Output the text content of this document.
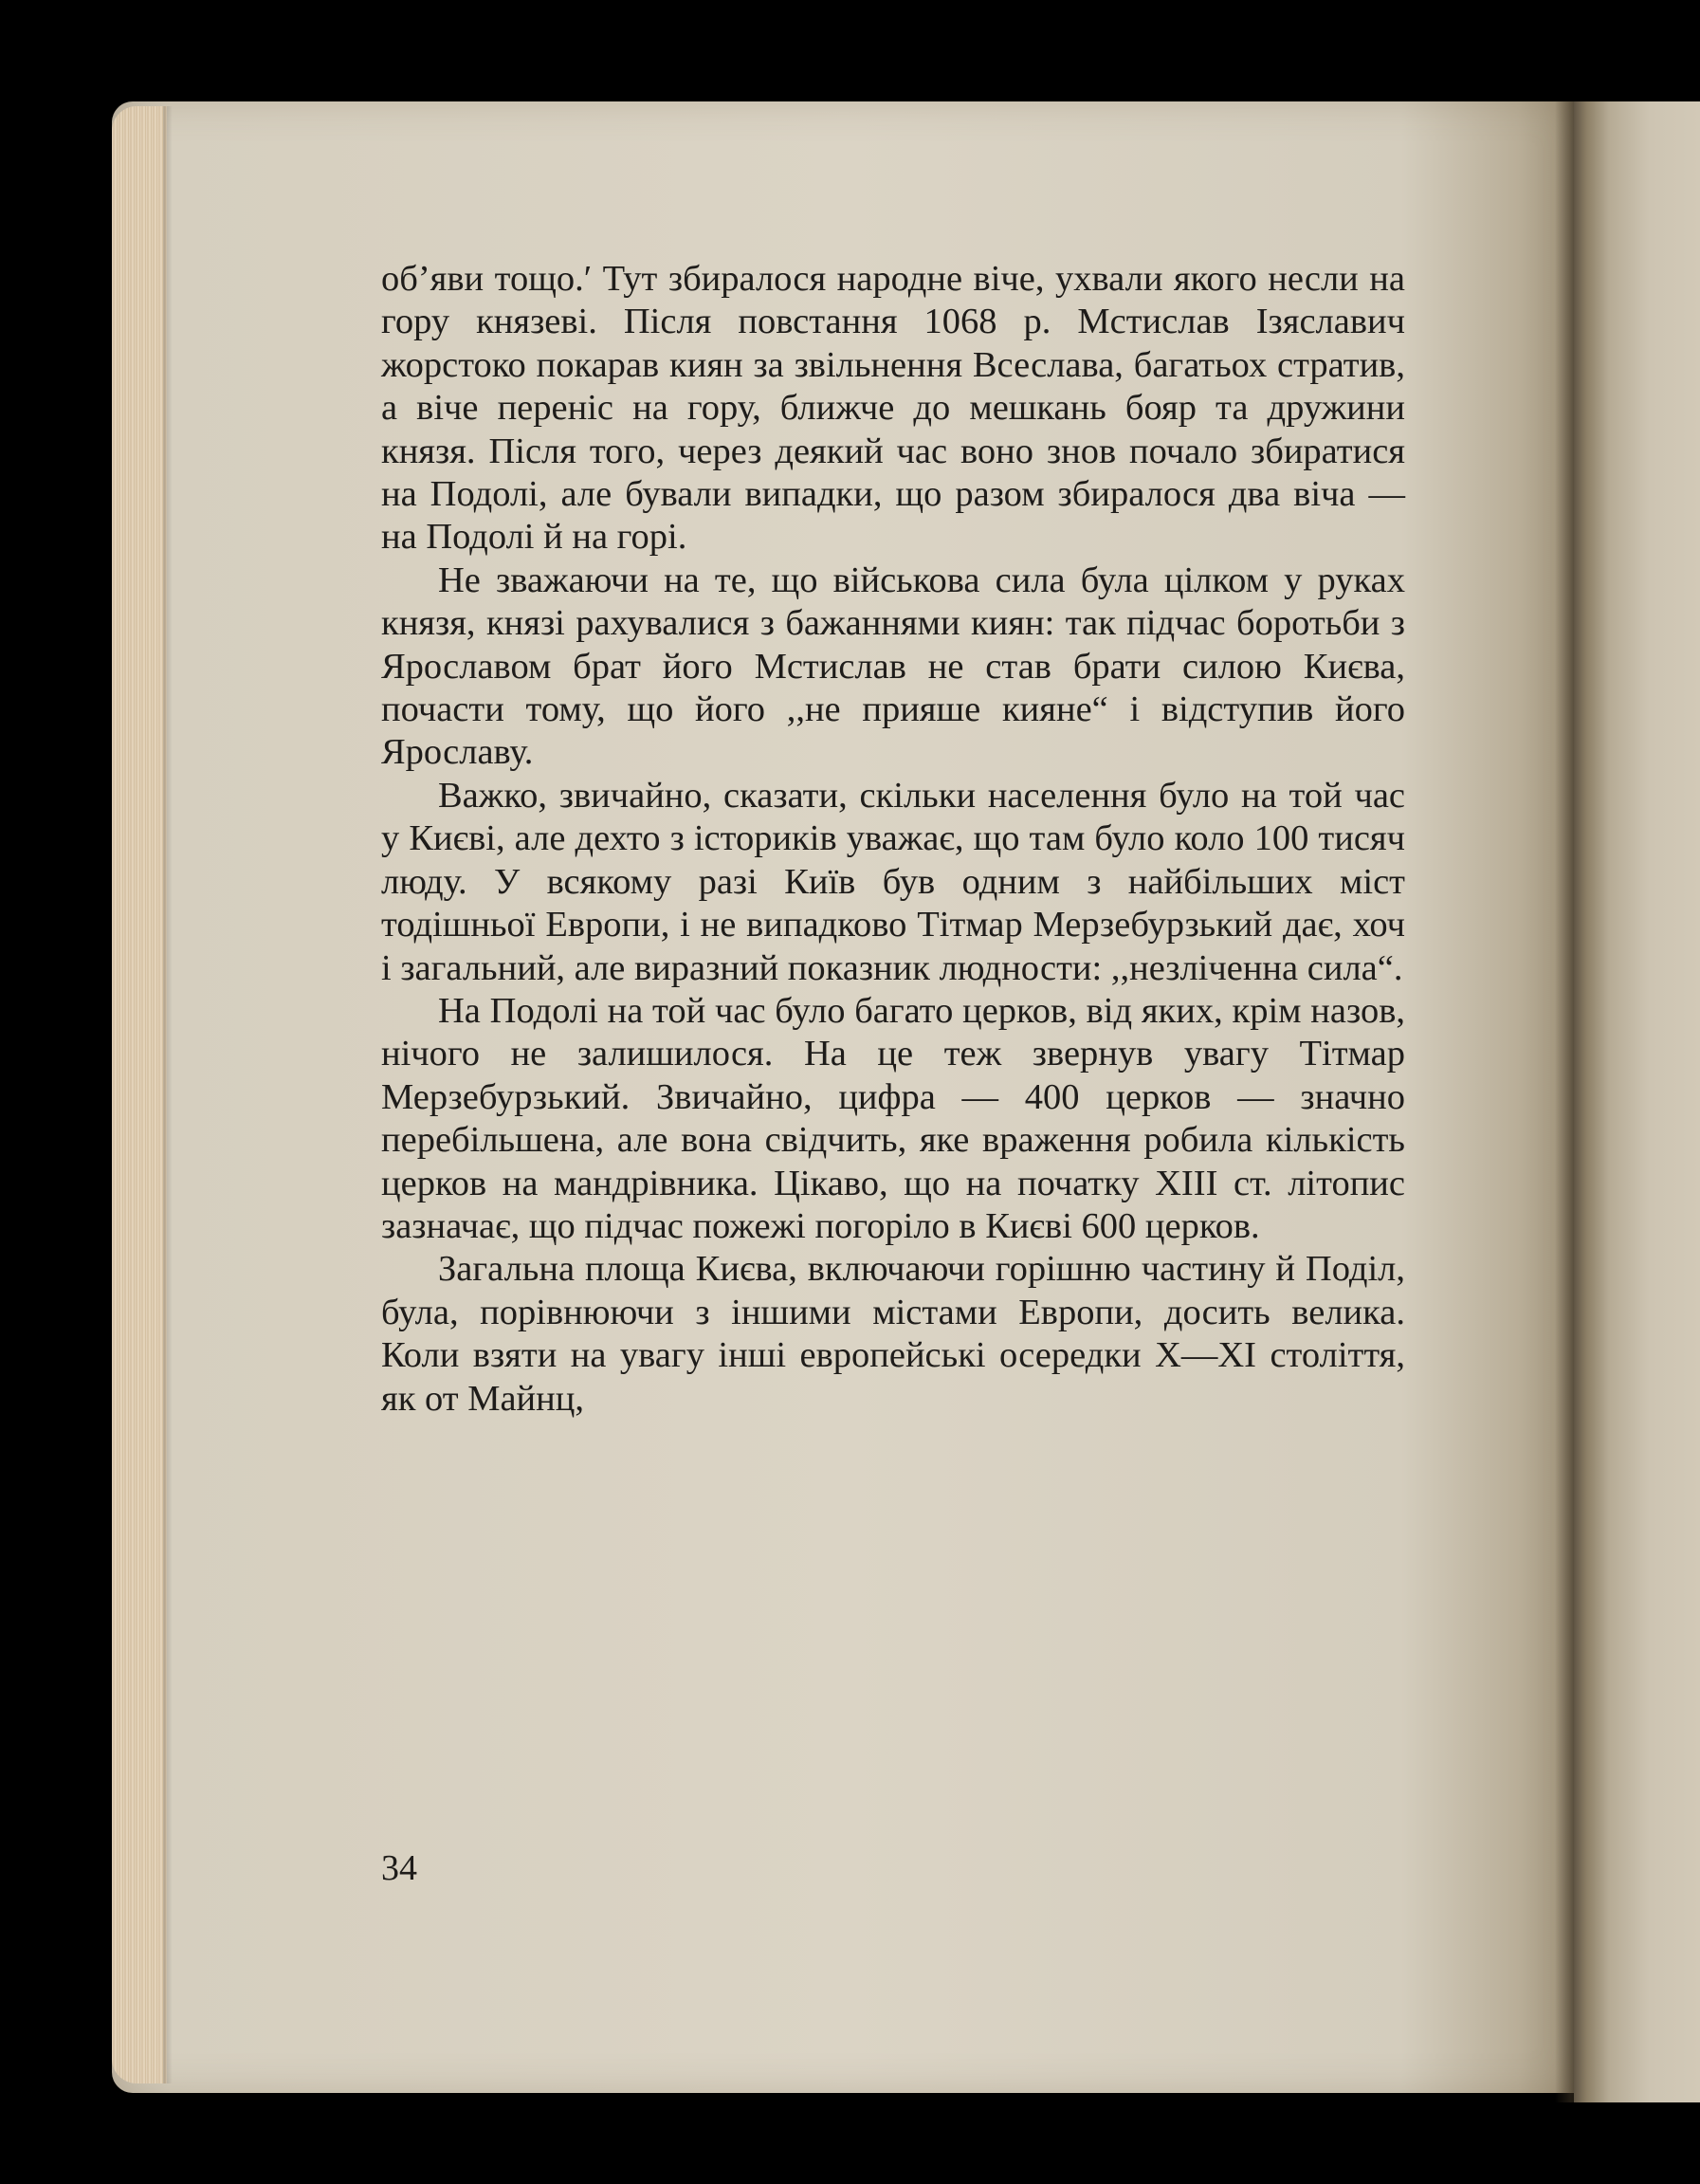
об’яви тощо.ʹ Тут збиралося народне віче, ухвали якого несли на гору князеві. Після повстання 1068 р. Мстислав Ізяславич жорстоко покарав киян за звільнення Всеслава, багатьох стратив, а віче переніс на гору, ближче до мешкань бояр та дружини князя. Після того, через деякий час воно знов почало збиратися на Подолі, але бували випадки, що разом збиралося два віча — на Подолі й на горі.

Не зважаючи на те, що військова сила була цілком у руках князя, князі рахувалися з бажаннями киян: так підчас боротьби з Ярославом брат його Мстислав не став брати силою Києва, почасти тому, що його ,,не прияше кияне“ і відступив його Ярославу.

Важко, звичайно, сказати, скільки населення було на той час у Києві, але дехто з істориків уважає, що там було коло 100 тисяч люду. У всякому разі Київ був одним з найбільших міст тодішньої Европи, і не випадково Тітмар Мерзебурзький дає, хоч і загальний, але виразний показник людности: ,,незліченна сила“.

На Подолі на той час було багато церков, від яких, крім назов, нічого не залишилося. На це теж звернув увагу Тітмар Мерзебурзький. Звичайно, цифра — 400 церков — значно перебільшена, але вона свідчить, яке враження робила кількість церков на мандрівника. Цікаво, що на початку XIII ст. літопис зазначає, що підчас пожежі погоріло в Києві 600 церков.

Загальна площа Києва, включаючи горішню частину й Поділ, була, порівнюючи з іншими містами Европи, досить велика. Коли взяти на увагу інші европейські осередки X—XI століття, як от Майнц,

34
